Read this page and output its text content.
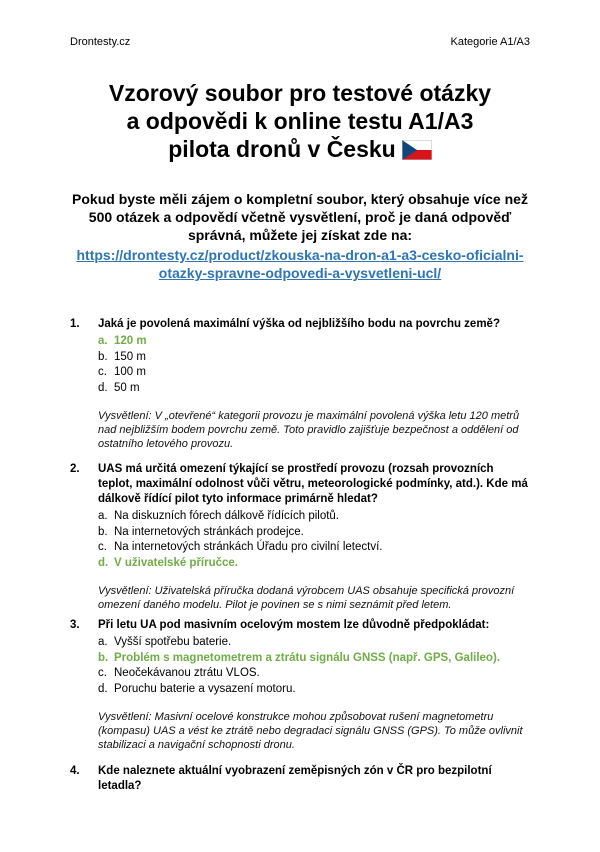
Drontesty.cz	Kategorie A1/A3
Vzorový soubor pro testové otázky
a odpovědi k online testu A1/A3
pilota dronů v Česku
Pokud byste měli zájem o kompletní soubor, který obsahuje více než 500 otázek a odpovědí včetně vysvětlení, proč je daná odpověď správná, můžete jej získat zde na:
https://drontesty.cz/product/zkouska-na-dron-a1-a3-cesko-oficialni-
otazky-spravne-odpovedi-a-vysvetleni-ucl/
1.	Jaká je povolená maximální výška od nejbližšího bodu na povrchu země?
a. 120 m
b. 150 m
c. 100 m
d. 50 m
Vysvětlení: V „otevřené“ kategorii provozu je maximální povolená výška letu 120 metrů nad nejbližším bodem povrchu země. Toto pravidlo zajišťuje bezpečnost a oddělení od ostatního letového provozu.
2.	UAS má určitá omezení týkající se prostředí provozu (rozsah provozních teplot, maximální odolnost vůči větru, meteorologické podmínky, atd.). Kde má dálkově řídící pilot tyto informace primárně hledat?
a. Na diskuzních fórech dálkově řídících pilotů.
b. Na internetových stránkách prodejce.
c. Na internetových stránkách Úřadu pro civilní letectví.
d. V uživatelské příručce.
Vysvětlení: Uživatelská příručka dodaná výrobcem UAS obsahuje specifická provozní omezení daného modelu. Pilot je povinen se s nimi seznámit před letem.
3.	Při letu UA pod masivním ocelovým mostem lze důvodně předpokládat:
a. Vyšší spotřebu baterie.
b. Problém s magnetometrem a ztrátu signálu GNSS (např. GPS, Galileo).
c. Neočekávanou ztrátu VLOS.
d. Poruchu baterie a vysazení motoru.
Vysvětlení: Masivní ocelové konstrukce mohou způsobovat rušení magnetometru (kompasu) UAS a vést ke ztrátě nebo degradaci signálu GNSS (GPS). To může ovlivnit stabilizaci a navigační schopnosti dronu.
4.	Kde naleznete aktuální vyobrazení zeměpisných zón v ČR pro bezpilotní letadla?
